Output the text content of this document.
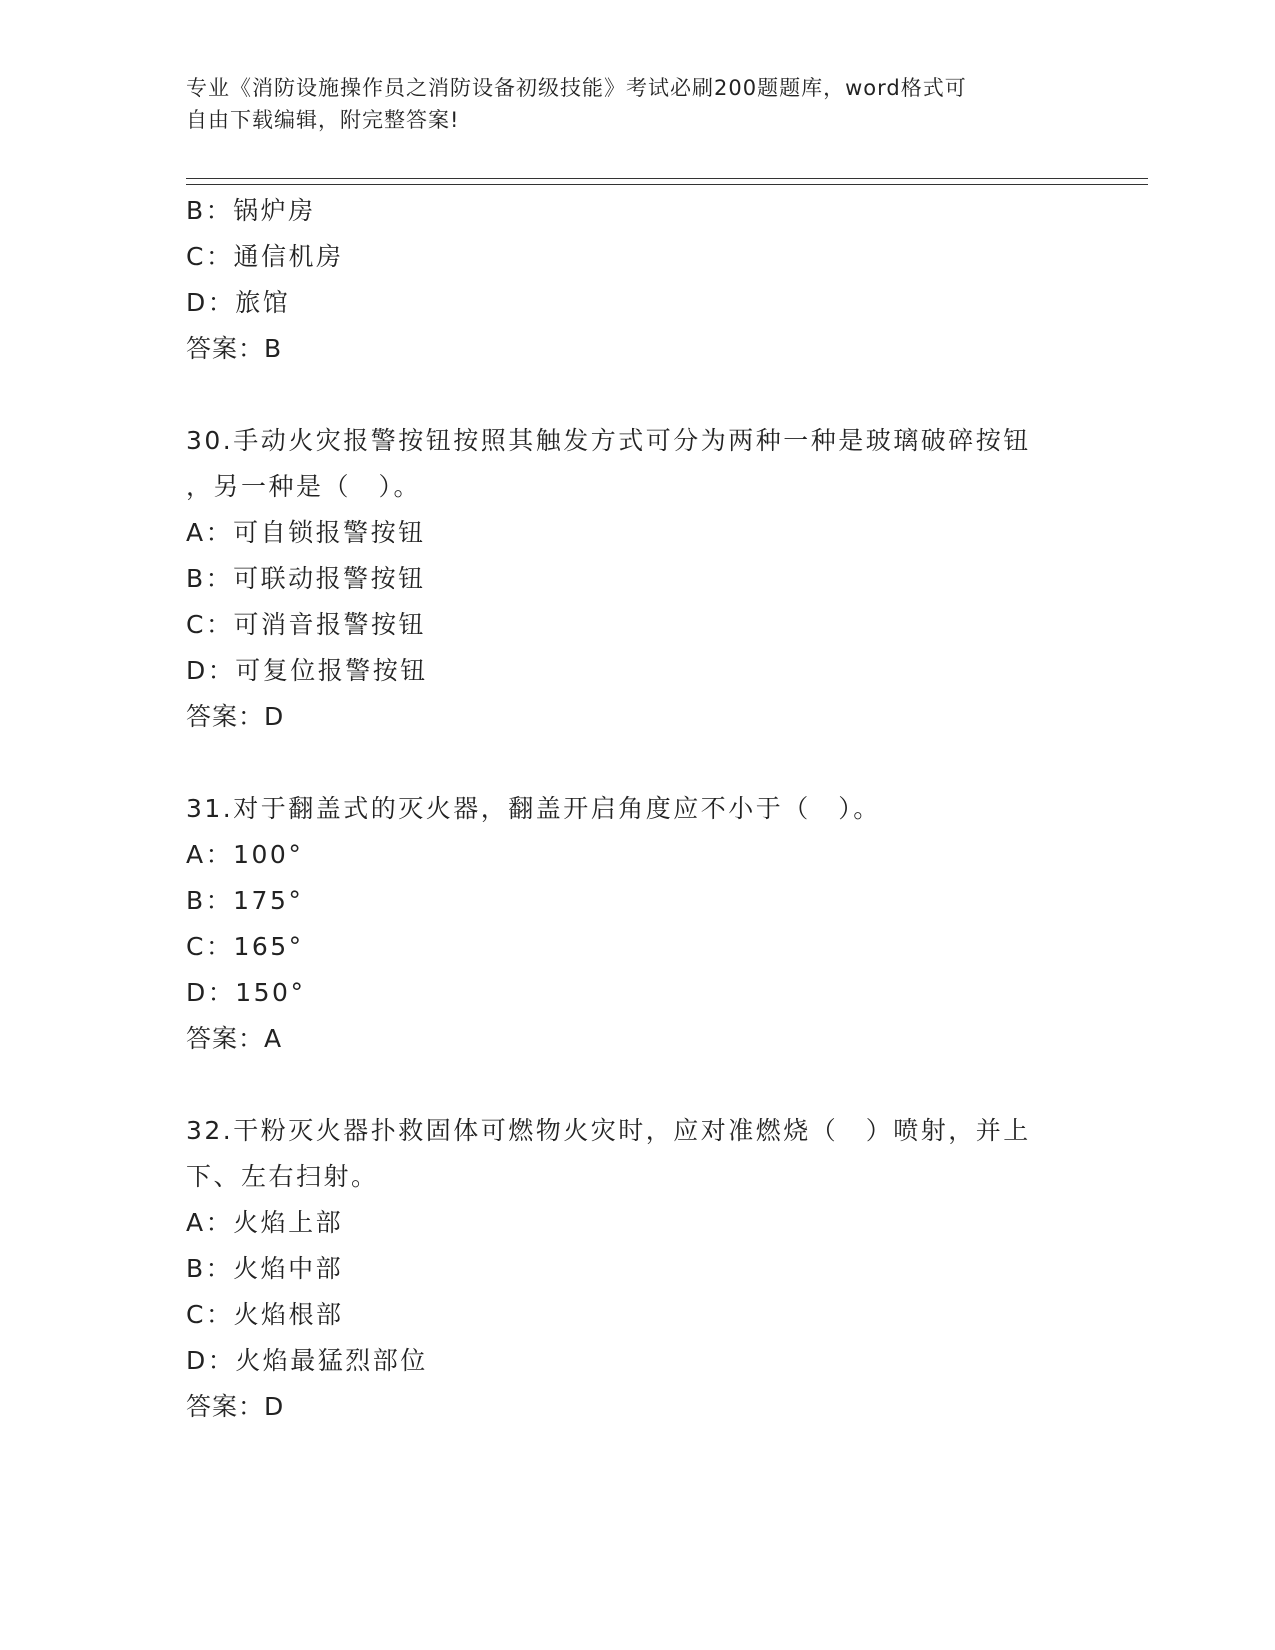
专业《消防设施操作员之消防设备初级技能》考试必刷200题题库，word格式可
自由下载编辑，附完整答案!
B：锅炉房
C：通信机房
D：旅馆
答案：B
30.手动火灾报警按钮按照其触发方式可分为两种一种是玻璃破碎按钮
，另一种是（　）。
A：可自锁报警按钮
B：可联动报警按钮
C：可消音报警按钮
D：可复位报警按钮
答案：D
31.对于翻盖式的灭火器，翻盖开启角度应不小于（　）。
A：100°
B：175°
C：165°
D：150°
答案：A
32.干粉灭火器扑救固体可燃物火灾时，应对准燃烧（　）喷射，并上
下、左右扫射。
A：火焰上部
B：火焰中部
C：火焰根部
D：火焰最猛烈部位
答案：D
